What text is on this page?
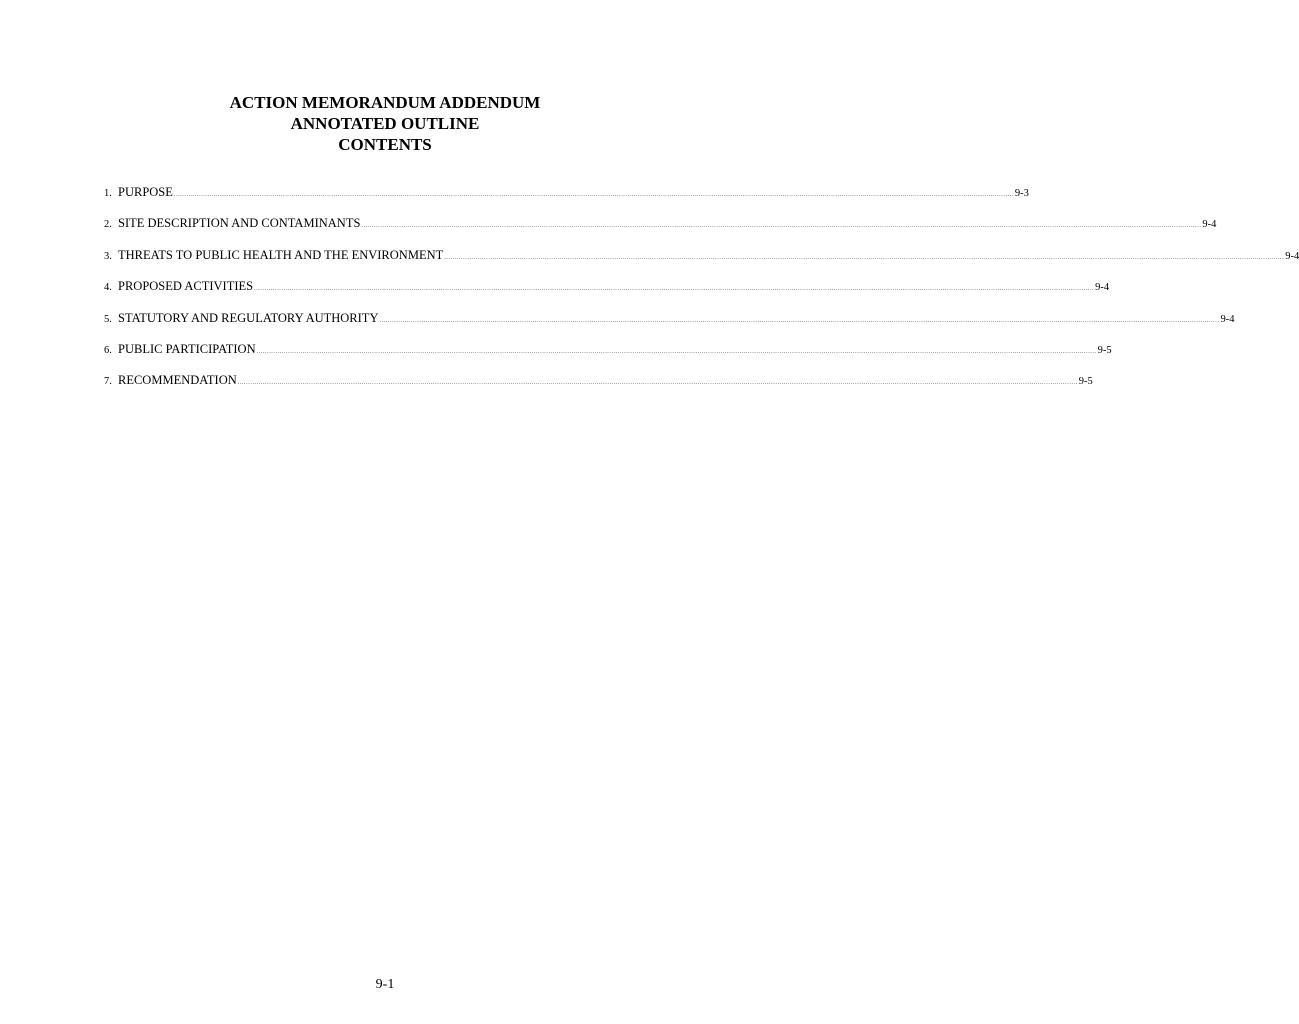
ACTION MEMORANDUM ADDENDUM
ANNOTATED OUTLINE
CONTENTS
1. PURPOSE ................................................................................................................................................................................................................................................................................................................................................................................................................ 9-3
2. SITE DESCRIPTION AND CONTAMINANTS ................................................................................................................................................................................................................................................................................................................................................................................................................ 9-4
3. THREATS TO PUBLIC HEALTH AND THE ENVIRONMENT ................................................................................................................................................................................................................................................................................................................................................................................................................ 9-4
4. PROPOSED ACTIVITIES ................................................................................................................................................................................................................................................................................................................................................................................................................ 9-4
5. STATUTORY AND REGULATORY AUTHORITY ................................................................................................................................................................................................................................................................................................................................................................................................................ 9-4
6. PUBLIC PARTICIPATION ................................................................................................................................................................................................................................................................................................................................................................................................................ 9-5
7. RECOMMENDATION ................................................................................................................................................................................................................................................................................................................................................................................................................ 9-5
9-1
